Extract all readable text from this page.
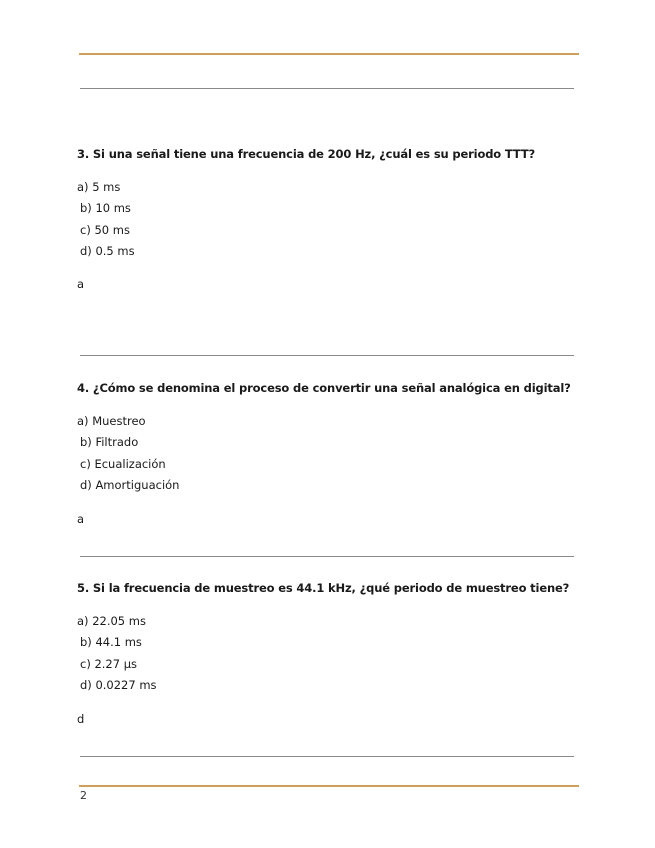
3. Si una señal tiene una frecuencia de 200 Hz, ¿cuál es su periodo TTT?
a) 5 ms
b) 10 ms
c) 50 ms
d) 0.5 ms
a
4. ¿Cómo se denomina el proceso de convertir una señal analógica en digital?
a) Muestreo
b) Filtrado
c) Ecualización
d) Amortiguación
a
5. Si la frecuencia de muestreo es 44.1 kHz, ¿qué periodo de muestreo tiene?
a) 22.05 ms
b) 44.1 ms
c) 2.27 µs
d) 0.0227 ms
d
2
